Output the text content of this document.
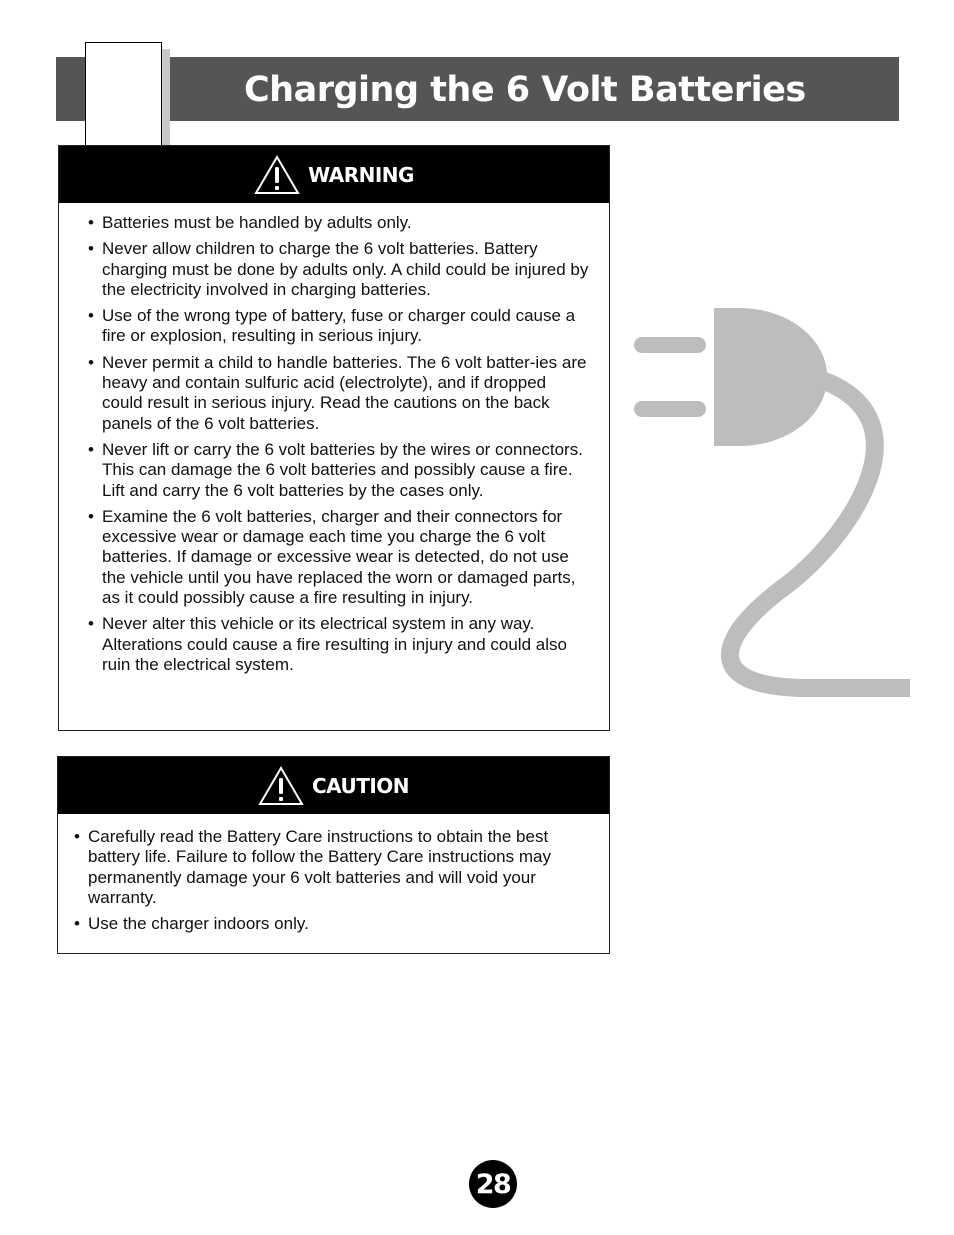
Charging the 6 Volt Batteries
WARNING
• Batteries must be handled by adults only.
• Never allow children to charge the 6 volt batteries. Battery charging must be done by adults only. A child could be injured by the electricity involved in charging batteries.
• Use of the wrong type of battery, fuse or charger could cause a fire or explosion, resulting in serious injury.
• Never permit a child to handle batteries. The 6 volt batter-ies are heavy and contain sulfuric acid (electrolyte), and if dropped could result in serious injury. Read the cautions on the back panels of the 6 volt batteries.
• Never lift or carry the 6 volt batteries by the wires or connectors. This can damage the 6 volt batteries and possibly cause a fire. Lift and carry the 6 volt batteries by the cases only.
• Examine the 6 volt batteries, charger and their connectors for excessive wear or damage each time you charge the 6 volt batteries. If damage or excessive wear is detected, do not use the vehicle until you have replaced the worn or damaged parts, as it could possibly cause a fire resulting in injury.
• Never alter this vehicle or its electrical system in any way. Alterations could cause a fire resulting in injury and could also ruin the electrical system.
CAUTION
• Carefully read the Battery Care instructions to obtain the best battery life. Failure to follow the Battery Care instructions may permanently damage your 6 volt batteries and will void your warranty.
• Use the charger indoors only.
28
